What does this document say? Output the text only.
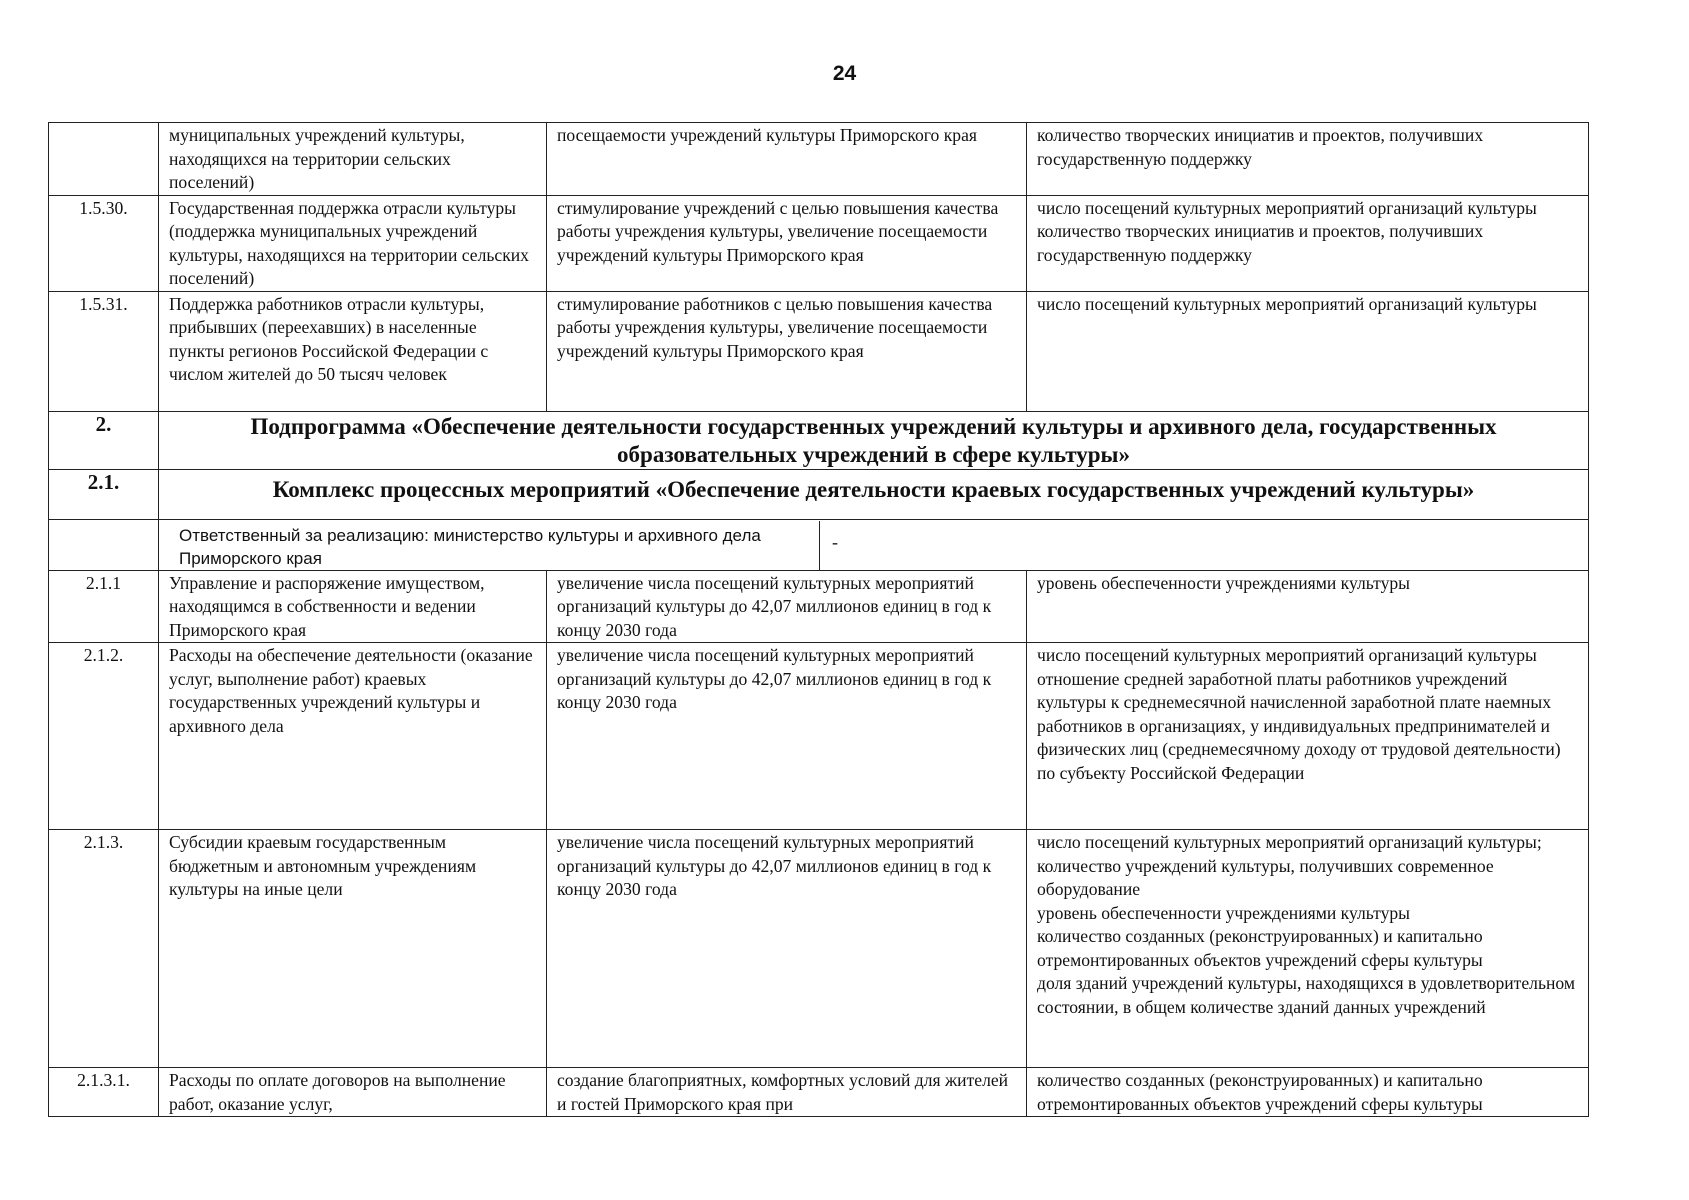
24
	муниципальных учреждений культуры, находящихся на территории сельских поселений)	посещаемости учреждений культуры Приморского края	количество творческих инициатив и проектов, получивших государственную поддержку

1.5.30.	Государственная поддержка отрасли культуры (поддержка муниципальных учреждений культуры, находящихся на территории сельских поселений)	стимулирование учреждений с целью повышения качества работы учреждения культуры, увеличение посещаемости учреждений культуры Приморского края	число посещений культурных мероприятий организаций культуры
количество творческих инициатив и проектов, получивших государственную поддержку

1.5.31.	Поддержка работников отрасли культуры, прибывших (переехавших) в населенные пункты регионов Российской Федерации с числом жителей до 50 тысяч человек	стимулирование работников с целью повышения качества работы учреждения культуры, увеличение посещаемости учреждений культуры Приморского края	число посещений культурных мероприятий организаций культуры

2.	Подпрограмма «Обеспечение деятельности государственных учреждений культуры и архивного дела, государственных образовательных учреждений в сфере культуры»		
2.1.	Комплекс процессных мероприятий «Обеспечение деятельности краевых государственных учреждений культуры»		

	Ответственный за реализацию: министерство культуры и архивного дела Приморского края
-		

2.1.1	Управление и распоряжение имуществом, находящимся в собственности и ведении Приморского края	увеличение числа посещений культурных мероприятий организаций культуры до 42,07 миллионов единиц в год к концу 2030 года	уровень обеспеченности учреждениями культуры

2.1.2.	Расходы на обеспечение деятельности (оказание услуг, выполнение работ) краевых государственных учреждений культуры и архивного дела	увеличение числа посещений культурных мероприятий организаций культуры до 42,07 миллионов единиц в год к концу 2030 года	число посещений культурных мероприятий организаций культуры
отношение средней заработной платы работников учреждений культуры к среднемесячной начисленной заработной плате наемных работников в организациях, у индивидуальных предпринимателей и физических лиц (среднемесячному доходу от трудовой деятельности) по субъекту Российской Федерации

2.1.3.	Субсидии краевым государственным бюджетным и автономным учреждениям культуры на иные цели	увеличение числа посещений культурных мероприятий организаций культуры до 42,07 миллионов единиц в год к концу 2030 года	число посещений культурных мероприятий организаций культуры;
количество учреждений культуры, получивших современное оборудование
уровень обеспеченности учреждениями культуры
количество созданных (реконструированных) и капитально отремонтированных объектов учреждений сферы культуры
доля зданий учреждений культуры, находящихся в удовлетворительном состоянии, в общем количестве зданий данных учреждений

2.1.3.1.	Расходы по оплате договоров на выполнение работ, оказание услуг,	создание благоприятных, комфортных условий для жителей и гостей Приморского края при	количество созданных (реконструированных) и капитально отремонтированных объектов учреждений сферы культуры
